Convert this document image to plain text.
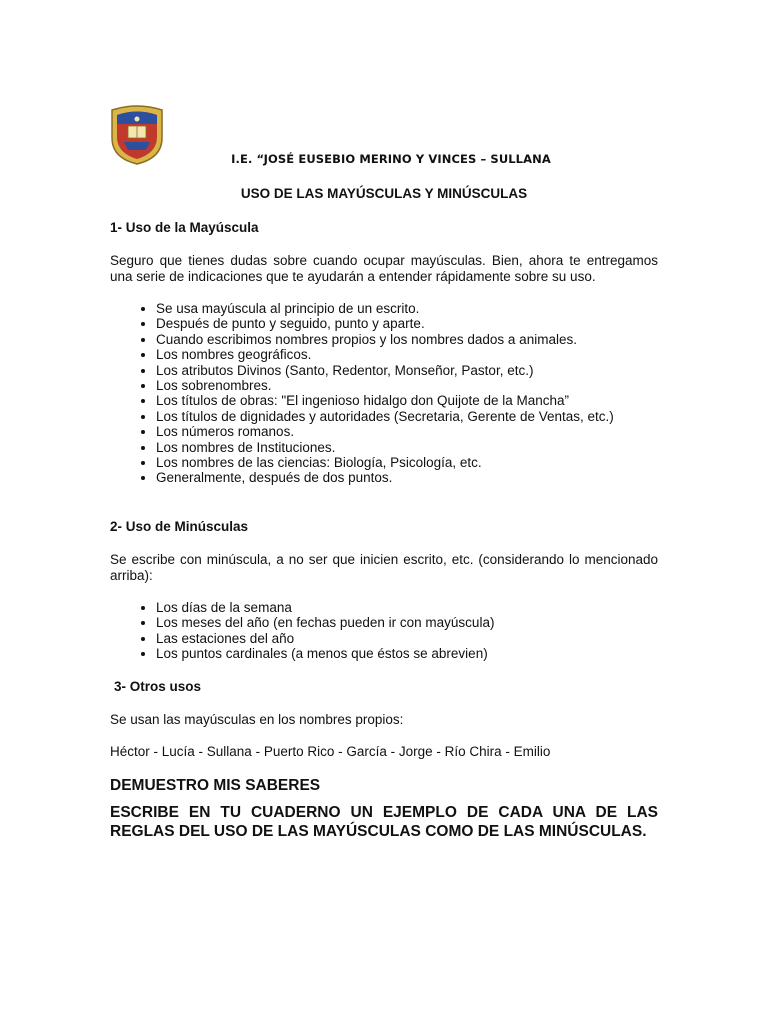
I.E. “JOSÉ EUSEBIO MERINO Y VINCES – SULLANA
USO DE LAS MAYÚSCULAS Y MINÚSCULAS
1- Uso de la Mayúscula

Seguro que tienes dudas sobre cuando ocupar mayúsculas. Bien, ahora te entregamos una serie de indicaciones que te ayudarán a entender rápidamente sobre su uso.

• Se usa mayúscula al principio de un escrito.
• Después de punto y seguido, punto y aparte.
• Cuando escribimos nombres propios y los nombres dados a animales.
• Los nombres geográficos.
• Los atributos Divinos (Santo, Redentor, Monseñor, Pastor, etc.)
• Los sobrenombres.
• Los títulos de obras: "El ingenioso hidalgo don Quijote de la Mancha”
• Los títulos de dignidades y autoridades (Secretaria, Gerente de Ventas, etc.)
• Los números romanos.
• Los nombres de Instituciones.
• Los nombres de las ciencias: Biología, Psicología, etc.
• Generalmente, después de dos puntos.
2- Uso de Minúsculas

Se escribe con minúscula, a no ser que inicien escrito, etc. (considerando lo mencionado arriba):

• Los días de la semana
• Los meses del año (en fechas pueden ir con mayúscula)
• Las estaciones del año
• Los puntos cardinales (a menos que éstos se abrevien)
3- Otros usos

Se usan las mayúsculas en los nombres propios:

Héctor - Lucía - Sullana - Puerto Rico - García - Jorge - Río Chira - Emilio

DEMUESTRO MIS SABERES

ESCRIBE EN TU CUADERNO UN EJEMPLO DE CADA UNA DE LAS REGLAS DEL USO DE LAS MAYÚSCULAS COMO DE LAS MINÚSCULAS.
